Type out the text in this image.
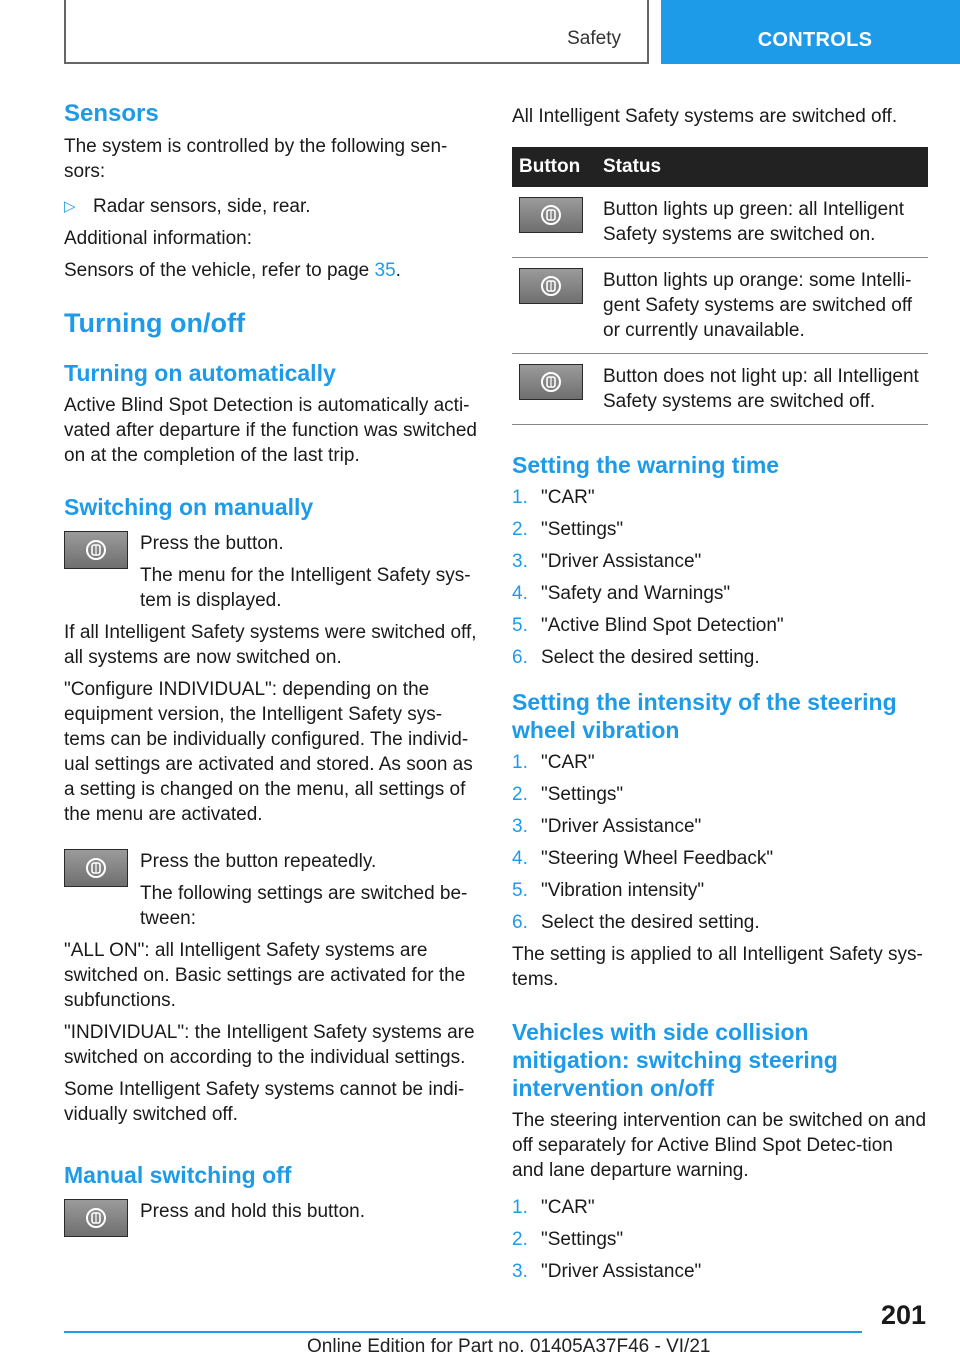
Safety	CONTROLS
Sensors

The system is controlled by the following sen-sors:

▷ Radar sensors, side, rear.

Additional information:

Sensors of the vehicle, refer to page 35.

Turning on/off
Turning on automatically

Active Blind Spot Detection is automatically acti-vated after departure if the function was switched on at the completion of the last trip.

Switching on manually

Press the button.

The menu for the Intelligent Safety sys-tem is displayed.

If all Intelligent Safety systems were switched off, all systems are now switched on.

"Configure INDIVIDUAL": depending on the equipment version, the Intelligent Safety sys-tems can be individually configured. The individ-ual settings are activated and stored. As soon as a setting is changed on the menu, all settings of the menu are activated.

Press the button repeatedly.

The following settings are switched be-tween:

"ALL ON": all Intelligent Safety systems are switched on. Basic settings are activated for the subfunctions.

"INDIVIDUAL": the Intelligent Safety systems are switched on according to the individual settings.

Some Intelligent Safety systems cannot be indi-vidually switched off.

Manual switching off

Press and hold this button.

All Intelligent Safety systems are switched off.

Button	Status

	Button lights up green: all Intelligent Safety systems are switched on.

	Button lights up orange: some Intelli-gent Safety systems are switched off or currently unavailable.

	Button does not light up: all Intelligent Safety systems are switched off.
Setting the warning time
1. "CAR"
2. "Settings"
3. "Driver Assistance"
4. "Safety and Warnings"
5. "Active Blind Spot Detection"
6. Select the desired setting.
Setting the intensity of the steering wheel vibration
1. "CAR"
2. "Settings"
3. "Driver Assistance"
4. "Steering Wheel Feedback"
5. "Vibration intensity"
6. Select the desired setting.

The setting is applied to all Intelligent Safety sys-tems.

Vehicles with side collision mitigation: switching steering intervention on/off

The steering intervention can be switched on and off separately for Active Blind Spot Detec-tion and lane departure warning.

1. "CAR"
2. "Settings"
3. "Driver Assistance"
201
Online Edition for Part no. 01405A37F46 - VI/21
